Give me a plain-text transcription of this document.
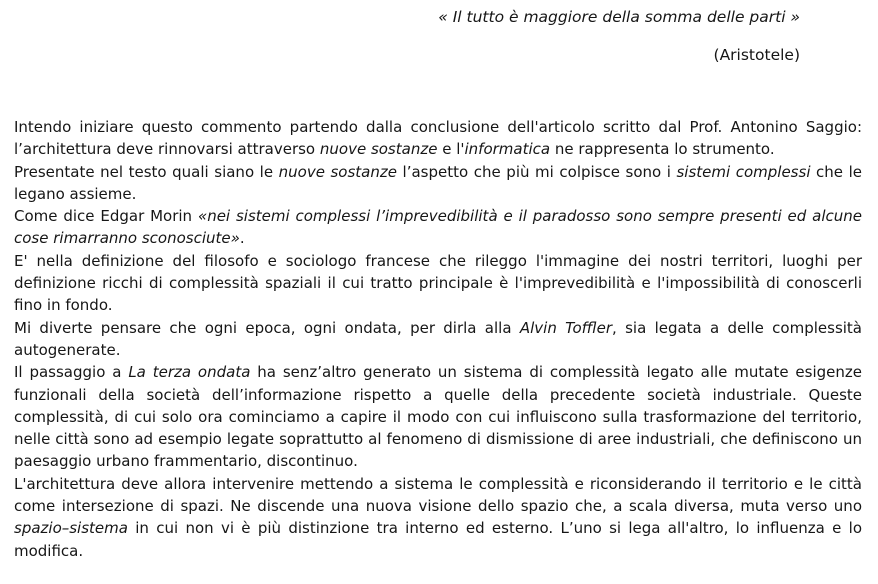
« Il tutto è maggiore della somma delle parti »
(Aristotele)

Intendo iniziare questo commento partendo dalla conclusione dell'articolo scritto dal Prof. Antonino Saggio: l’architettura deve rinnovarsi attraverso nuove sostanze e l'informatica ne rappresenta lo strumento.

Presentate nel testo quali siano le nuove sostanze l’aspetto che più mi colpisce sono i sistemi complessi che le legano assieme.

Come dice Edgar Morin «nei sistemi complessi l’imprevedibilità e il paradosso sono sempre presenti ed alcune cose rimarranno sconosciute».

E' nella definizione del filosofo e sociologo francese che rileggo l'immagine dei nostri territori, luoghi per definizione ricchi di complessità spaziali il cui tratto principale è l'imprevedibilità e l'impossibilità di conoscerli fino in fondo.

Mi diverte pensare che ogni epoca, ogni ondata, per dirla alla Alvin Toffler, sia legata a delle complessità autogenerate.

Il passaggio a La terza ondata ha senz’altro generato un sistema di complessità legato alle mutate esigenze funzionali della società dell’informazione rispetto a quelle della precedente società industriale. Queste complessità, di cui solo ora cominciamo a capire il modo con cui influiscono sulla trasformazione del territorio, nelle città sono ad esempio legate soprattutto al fenomeno di dismissione di aree industriali, che definiscono un paesaggio urbano frammentario, discontinuo.

L'architettura deve allora intervenire mettendo a sistema le complessità e riconsiderando il territorio e le città come intersezione di spazi. Ne discende una nuova visione dello spazio che, a scala diversa, muta verso uno spazio–sistema in cui non vi è più distinzione tra interno ed esterno. L’uno si lega all'altro, lo influenza e lo modifica.
